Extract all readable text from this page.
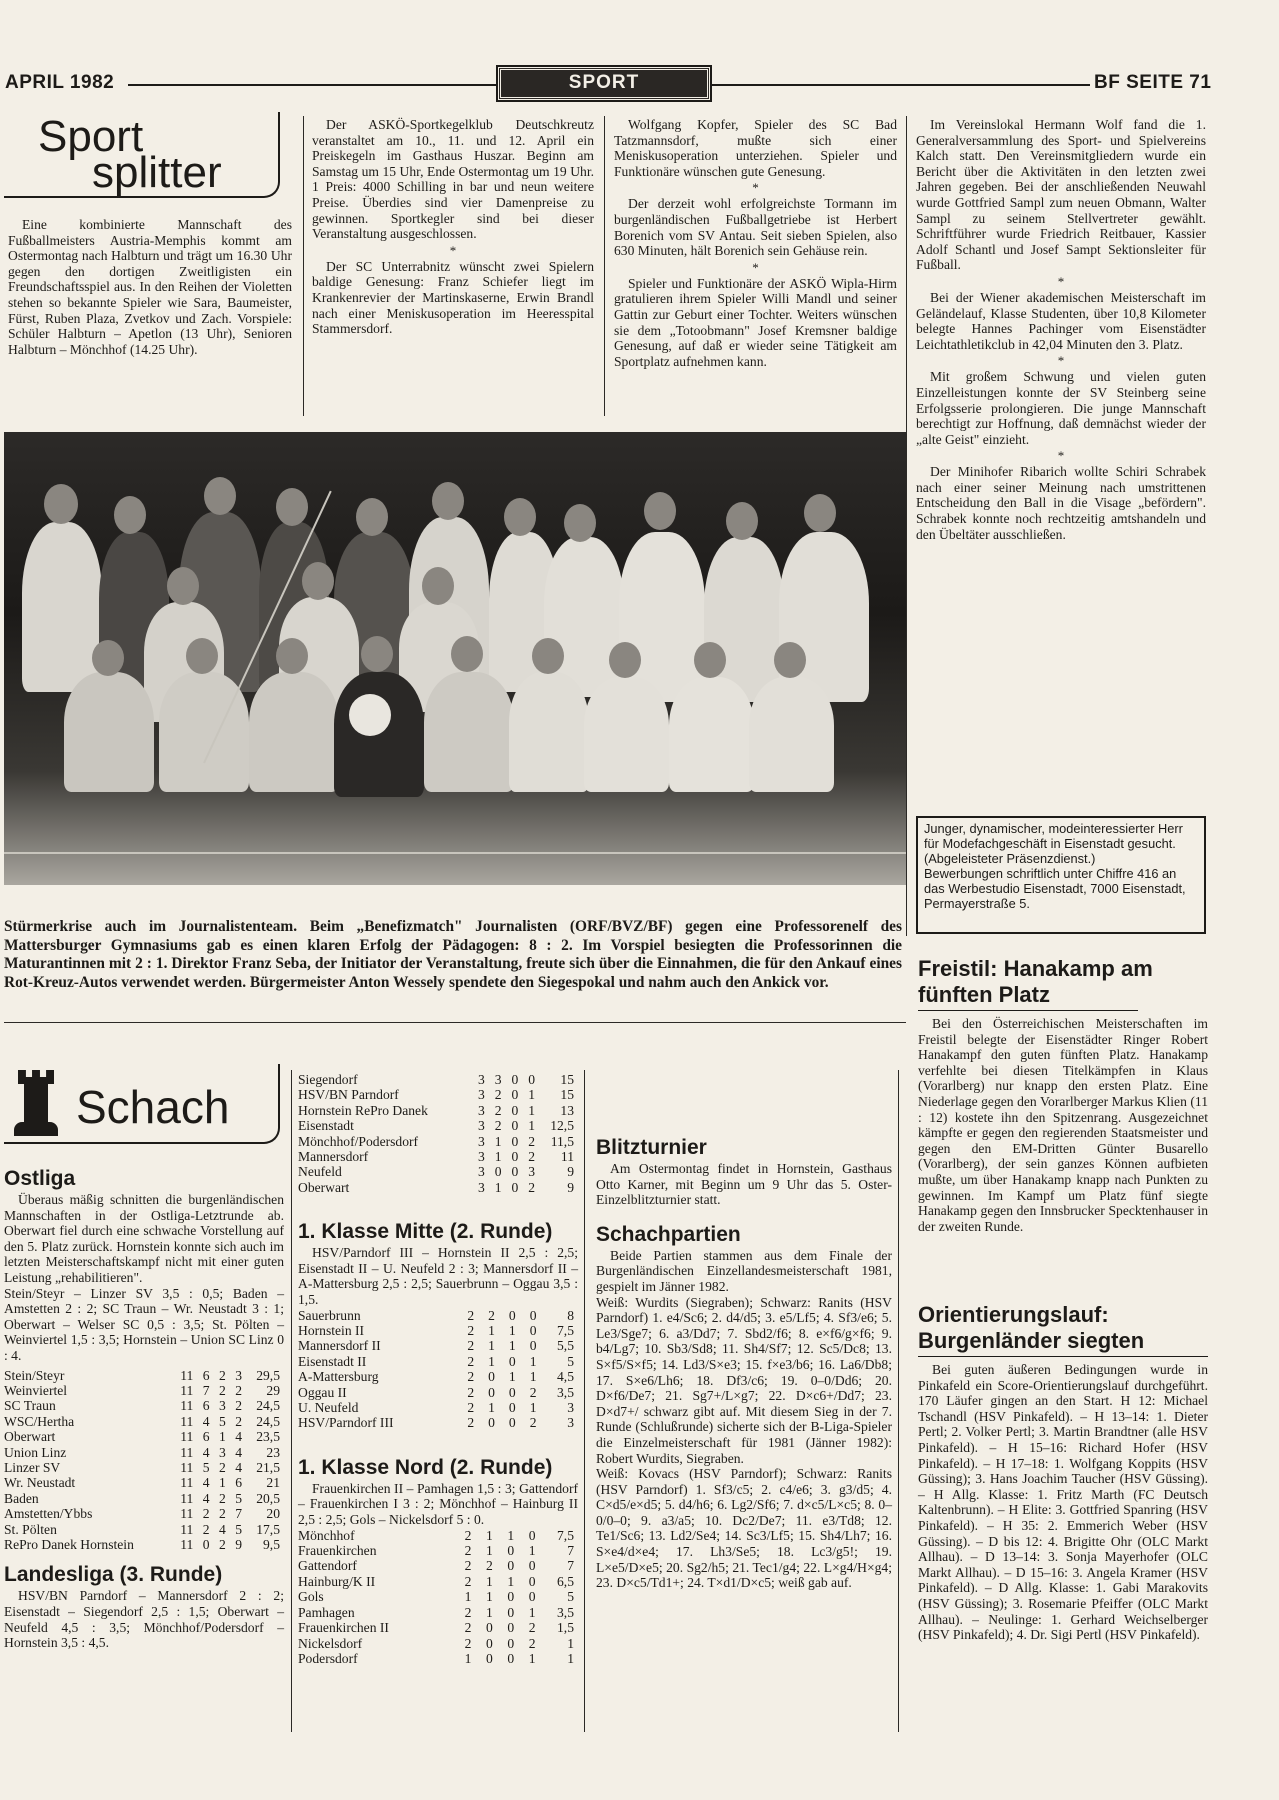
APRIL 1982	SPORT	BF SEITE 71
Sport
splitter

Eine kombinierte Mannschaft des Fußballmeisters Austria-Memphis kommt am Ostermontag nach Halbturn und trägt um 16.30 Uhr gegen den dortigen Zweitligisten ein Freundschaftsspiel aus. In den Reihen der Violetten stehen so bekannte Spieler wie Sara, Baumeister, Fürst, Ruben Plaza, Zvetkov und Zach. Vorspiele: Schüler Halbturn – Apetlon (13 Uhr), Senioren Halbturn – Mönchhof (14.25 Uhr).

Der ASKÖ-Sportkegelklub Deutschkreutz veranstaltet am 10., 11. und 12. April ein Preiskegeln im Gasthaus Huszar. Beginn am Samstag um 15 Uhr, Ende Ostermontag um 19 Uhr. 1 Preis: 4000 Schilling in bar und neun weitere Preise. Überdies sind vier Damenpreise zu gewinnen. Sportkegler sind bei dieser Veranstaltung ausgeschlossen.

*

Der SC Unterrabnitz wünscht zwei Spielern baldige Genesung: Franz Schiefer liegt im Krankenrevier der Martinskaserne, Erwin Brandl nach einer Meniskusoperation im Heeresspital Stammersdorf.

Wolfgang Kopfer, Spieler des SC Bad Tatzmannsdorf, mußte sich einer Meniskusoperation unterziehen. Spieler und Funktionäre wünschen gute Genesung.

*

Der derzeit wohl erfolgreichste Tormann im burgenländischen Fußballgetriebe ist Herbert Borenich vom SV Antau. Seit sieben Spielen, also 630 Minuten, hält Borenich sein Gehäuse rein.

*

Spieler und Funktionäre der ASKÖ Wipla-Hirm gratulieren ihrem Spieler Willi Mandl und seiner Gattin zur Geburt einer Tochter. Weiters wünschen sie dem „Totoobmann" Josef Kremsner baldige Genesung, auf daß er wieder seine Tätigkeit am Sportplatz aufnehmen kann.

Im Vereinslokal Hermann Wolf fand die 1. Generalversammlung des Sport- und Spielvereins Kalch statt. Den Vereinsmitgliedern wurde ein Bericht über die Aktivitäten in den letzten zwei Jahren gegeben. Bei der anschließenden Neuwahl wurde Gottfried Sampl zum neuen Obmann, Walter Sampl zu seinem Stellvertreter gewählt. Schriftführer wurde Friedrich Reitbauer, Kassier Adolf Schantl und Josef Sampt Sektionsleiter für Fußball.

*

Bei der Wiener akademischen Meisterschaft im Geländelauf, Klasse Studenten, über 10,8 Kilometer belegte Hannes Pachinger vom Eisenstädter Leichtathletikclub in 42,04 Minuten den 3. Platz.

*

Mit großem Schwung und vielen guten Einzelleistungen konnte der SV Steinberg seine Erfolgsserie prolongieren. Die junge Mannschaft berechtigt zur Hoffnung, daß demnächst wieder der „alte Geist" einzieht.

*

Der Minihofer Ribarich wollte Schiri Schrabek nach einer seiner Meinung nach umstrittenen Entscheidung den Ball in die Visage „befördern". Schrabek konnte noch rechtzeitig amtshandeln und den Übeltäter ausschließen.

Stürmerkrise auch im Journalistenteam. Beim „Benefizmatch" Journalisten (ORF/BVZ/BF) gegen eine Professorenelf des Mattersburger Gymnasiums gab es einen klaren Erfolg der Pädagogen: 8 : 2. Im Vorspiel besiegten die Professorinnen die Maturantinnen mit 2 : 1. Direktor Franz Seba, der Initiator der Veranstaltung, freute sich über die Einnahmen, die für den Ankauf eines Rot-Kreuz-Autos verwendet werden. Bürgermeister Anton Wessely spendete den Siegespokal und nahm auch den Ankick vor.
Junger, dynamischer, modeinteressierter Herr für Modefachgeschäft in Eisenstadt gesucht. (Abgeleisteter Präsenzdienst.)
Bewerbungen schriftlich unter Chiffre 416 an das Werbestudio Eisenstadt, 7000 Eisenstadt, Permayerstraße 5.
Freistil: Hanakamp am fünften Platz

Bei den Österreichischen Meisterschaften im Freistil belegte der Eisenstädter Ringer Robert Hanakampf den guten fünften Platz. Hanakamp verfehlte bei diesen Titelkämpfen in Klaus (Vorarlberg) nur knapp den ersten Platz. Eine Niederlage gegen den Vorarlberger Markus Klien (11 : 12) kostete ihn den Spitzenrang. Ausgezeichnet kämpfte er gegen den regierenden Staatsmeister und gegen den EM-Dritten Günter Busarello (Vorarlberg), der sein ganzes Können aufbieten mußte, um über Hanakamp knapp nach Punkten zu gewinnen. Im Kampf um Platz fünf siegte Hanakamp gegen den Innsbrucker Specktenhauser in der zweiten Runde.

Orientierungslauf: Burgenländer siegten

Bei guten äußeren Bedingungen wurde in Pinkafeld ein Score-Orientierungslauf durchgeführt. 170 Läufer gingen an den Start. H 12: Michael Tschandl (HSV Pinkafeld). – H 13–14: 1. Dieter Pertl; 2. Volker Pertl; 3. Martin Brandtner (alle HSV Pinkafeld). – H 15–16: Richard Hofer (HSV Pinkafeld). – H 17–18: 1. Wolfgang Koppits (HSV Güssing); 3. Hans Joachim Taucher (HSV Güssing). – H Allg. Klasse: 1. Fritz Marth (FC Deutsch Kaltenbrunn). – H Elite: 3. Gottfried Spanring (HSV Pinkafeld). – H 35: 2. Emmerich Weber (HSV Güssing). – D bis 12: 4. Brigitte Ohr (OLC Markt Allhau). – D 13–14: 3. Sonja Mayerhofer (OLC Markt Allhau). – D 15–16: 3. Angela Kramer (HSV Pinkafeld). – D Allg. Klasse: 1. Gabi Marakovits (HSV Güssing); 3. Rosemarie Pfeiffer (OLC Markt Allhau). – Neulinge: 1. Gerhard Weichselberger (HSV Pinkafeld); 4. Dr. Sigi Pertl (HSV Pinkafeld).

Schach
Ostliga

Überaus mäßig schnitten die burgenländischen Mannschaften in der Ostliga-Letztrunde ab. Oberwart fiel durch eine schwache Vorstellung auf den 5. Platz zurück. Hornstein konnte sich auch im letzten Meisterschaftskampf nicht mit einer guten Leistung „rehabilitieren".

Stein/Steyr – Linzer SV 3,5 : 0,5; Baden – Amstetten 2 : 2; SC Traun – Wr. Neustadt 3 : 1; Oberwart – Welser SC 0,5 : 3,5; St. Pölten – Weinviertel 1,5 : 3,5; Hornstein – Union SC Linz 0 : 4.

Stein/Steyr	11	6	2	3	29,5
Weinviertel	11	7	2	2	29
SC Traun	11	6	3	2	24,5
WSC/Hertha	11	4	5	2	24,5
Oberwart	11	6	1	4	23,5
Union Linz	11	4	3	4	23
Linzer SV	11	5	2	4	21,5
Wr. Neustadt	11	4	1	6	21
Baden	11	4	2	5	20,5
Amstetten/Ybbs	11	2	2	7	20
St. Pölten	11	2	4	5	17,5
RePro Danek Hornstein	11	0	2	9	9,5
Landesliga (3. Runde)

HSV/BN Parndorf – Mannersdorf 2 : 2; Eisenstadt – Siegendorf 2,5 : 1,5; Oberwart – Neufeld 4,5 : 3,5; Mönchhof/Podersdorf – Hornstein 3,5 : 4,5.

Siegendorf	3	3	0	0	15
HSV/BN Parndorf	3	2	0	1	15
Hornstein RePro Danek	3	2	0	1	13
Eisenstadt	3	2	0	1	12,5
Mönchhof/Podersdorf	3	1	0	2	11,5
Mannersdorf	3	1	0	2	11
Neufeld	3	0	0	3	9
Oberwart	3	1	0	2	9
1. Klasse Mitte (2. Runde)

HSV/Parndorf III – Hornstein II 2,5 : 2,5; Eisenstadt II – U. Neufeld 2 : 3; Mannersdorf II – A-Mattersburg 2,5 : 2,5; Sauerbrunn – Oggau 3,5 : 1,5.

Sauerbrunn	2	2	0	0	8
Hornstein II	2	1	1	0	7,5
Mannersdorf II	2	1	1	0	5,5
Eisenstadt II	2	1	0	1	5
A-Mattersburg	2	0	1	1	4,5
Oggau II	2	0	0	2	3,5
U. Neufeld	2	1	0	1	3
HSV/Parndorf III	2	0	0	2	3
1. Klasse Nord (2. Runde)

Frauenkirchen II – Pamhagen 1,5 : 3; Gattendorf – Frauenkirchen I 3 : 2; Mönchhof – Hainburg II 2,5 : 2,5; Gols – Nickelsdorf 5 : 0.

Mönchhof	2	1	1	0	7,5
Frauenkirchen	2	1	0	1	7
Gattendorf	2	2	0	0	7
Hainburg/K II	2	1	1	0	6,5
Gols	1	1	0	0	5
Pamhagen	2	1	0	1	3,5
Frauenkirchen II	2	0	0	2	1,5
Nickelsdorf	2	0	0	2	1
Podersdorf	1	0	0	1	1
Blitzturnier

Am Ostermontag findet in Hornstein, Gasthaus Otto Karner, mit Beginn um 9 Uhr das 5. Oster-Einzelblitzturnier statt.

Schachpartien

Beide Partien stammen aus dem Finale der Burgenländischen Einzellandesmeisterschaft 1981, gespielt im Jänner 1982.

Weiß: Wurdits (Siegraben); Schwarz: Ranits (HSV Parndorf) 1. e4/Sc6; 2. d4/d5; 3. e5/Lf5; 4. Sf3/e6; 5. Le3/Sge7; 6. a3/Dd7; 7. Sbd2/f6; 8. e×f6/g×f6; 9. b4/Lg7; 10. Sb3/Sd8; 11. Sh4/Sf7; 12. Sc5/Dc8; 13. S×f5/S×f5; 14. Ld3/S×e3; 15. f×e3/b6; 16. La6/Db8; 17. S×e6/Lh6; 18. Df3/c6; 19. 0–0/Dd6; 20. D×f6/De7; 21. Sg7+/L×g7; 22. D×c6+/Dd7; 23. D×d7+/ schwarz gibt auf. Mit diesem Sieg in der 7. Runde (Schlußrunde) sicherte sich der B-Liga-Spieler die Einzelmeisterschaft für 1981 (Jänner 1982): Robert Wurdits, Siegraben.

Weiß: Kovacs (HSV Parndorf); Schwarz: Ranits (HSV Parndorf) 1. Sf3/c5; 2. c4/e6; 3. g3/d5; 4. C×d5/e×d5; 5. d4/h6; 6. Lg2/Sf6; 7. d×c5/L×c5; 8. 0–0/0–0; 9. a3/a5; 10. Dc2/De7; 11. e3/Td8; 12. Te1/Sc6; 13. Ld2/Se4; 14. Sc3/Lf5; 15. Sh4/Lh7; 16. S×e4/d×e4; 17. Lh3/Se5; 18. Lc3/g5!; 19. L×e5/D×e5; 20. Sg2/h5; 21. Tec1/g4; 22. L×g4/H×g4; 23. D×c5/Td1+; 24. T×d1/D×c5; weiß gab auf.
